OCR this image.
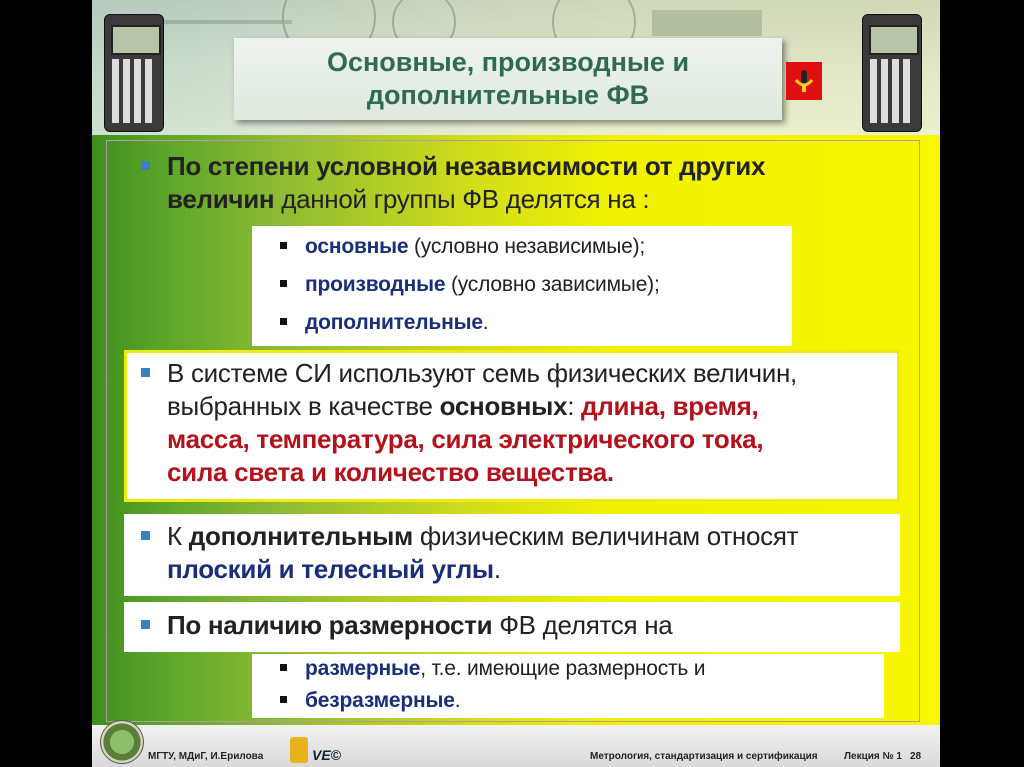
Основные, производные и
дополнительные ФВ
По степени условной независимости от других
величин данной группы ФВ делятся на :
основные (условно независимые);
производные (условно зависимые);
дополнительные.
В системе СИ используют семь физических величин,
выбранных в качестве основных: длина, время,
масса, температура, сила электрического тока,
сила света и количество вещества.
К дополнительным физическим величинам относят
плоский и телесный углы.
По наличию размерности ФВ делятся на
размерные, т.е. имеющие размерность и
безразмерные.
МГТУ, МДиГ, И.Ерилова	VE©	Метрология, стандартизация и сертификация	Лекция № 1 28
